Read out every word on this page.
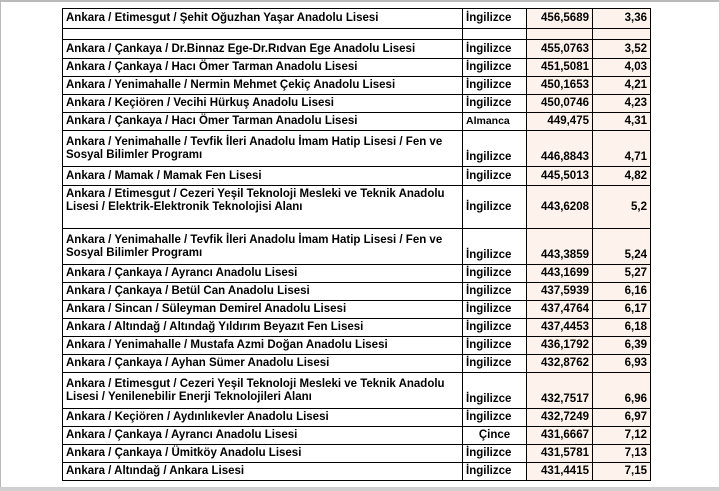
Ankara / Etimesgut / Şehit Oğuzhan Yaşar Anadolu Lisesi	İngilizce	456,5689	3,36

Ankara / Çankaya / Dr.Binnaz Ege-Dr.Rıdvan Ege Anadolu Lisesi	İngilizce	455,0763	3,52
Ankara / Çankaya / Hacı Ömer Tarman Anadolu Lisesi	İngilizce	451,5081	4,03
Ankara / Yenimahalle / Nermin Mehmet Çekiç Anadolu Lisesi	İngilizce	450,1653	4,21
Ankara / Keçiören / Vecihi Hürkuş Anadolu Lisesi	İngilizce	450,0746	4,23
Ankara / Çankaya / Hacı Ömer Tarman Anadolu Lisesi	Almanca	449,475	4,31
Ankara / Yenimahalle / Tevfik İleri Anadolu İmam Hatip Lisesi / Fen ve Sosyal Bilimler Programı	İngilizce	446,8843	4,71
Ankara / Mamak / Mamak Fen Lisesi	İngilizce	445,5013	4,82
Ankara / Etimesgut / Cezeri Yeşil Teknoloji Mesleki ve Teknik Anadolu Lisesi / Elektrik-Elektronik Teknolojisi Alanı	İngilizce	443,6208	5,2
Ankara / Yenimahalle / Tevfik İleri Anadolu İmam Hatip Lisesi / Fen ve Sosyal Bilimler Programı	İngilizce	443,3859	5,24
Ankara / Çankaya / Ayrancı Anadolu Lisesi	İngilizce	443,1699	5,27
Ankara / Çankaya / Betül Can Anadolu Lisesi	İngilizce	437,5939	6,16
Ankara / Sincan / Süleyman Demirel Anadolu Lisesi	İngilizce	437,4764	6,17
Ankara / Altındağ / Altındağ Yıldırım Beyazıt Fen Lisesi	İngilizce	437,4453	6,18
Ankara / Yenimahalle / Mustafa Azmi Doğan Anadolu Lisesi	İngilizce	436,1792	6,39
Ankara / Çankaya / Ayhan Sümer Anadolu Lisesi	İngilizce	432,8762	6,93
Ankara / Etimesgut / Cezeri Yeşil Teknoloji Mesleki ve Teknik Anadolu Lisesi / Yenilenebilir Enerji Teknolojileri Alanı	İngilizce	432,7517	6,96
Ankara / Keçiören / Aydınlıkevler Anadolu Lisesi	İngilizce	432,7249	6,97
Ankara / Çankaya / Ayrancı Anadolu Lisesi	Çince	431,6667	7,12
Ankara / Çankaya / Ümitköy Anadolu Lisesi	İngilizce	431,5781	7,13
Ankara / Altındağ / Ankara Lisesi	İngilizce	431,4415	7,15
